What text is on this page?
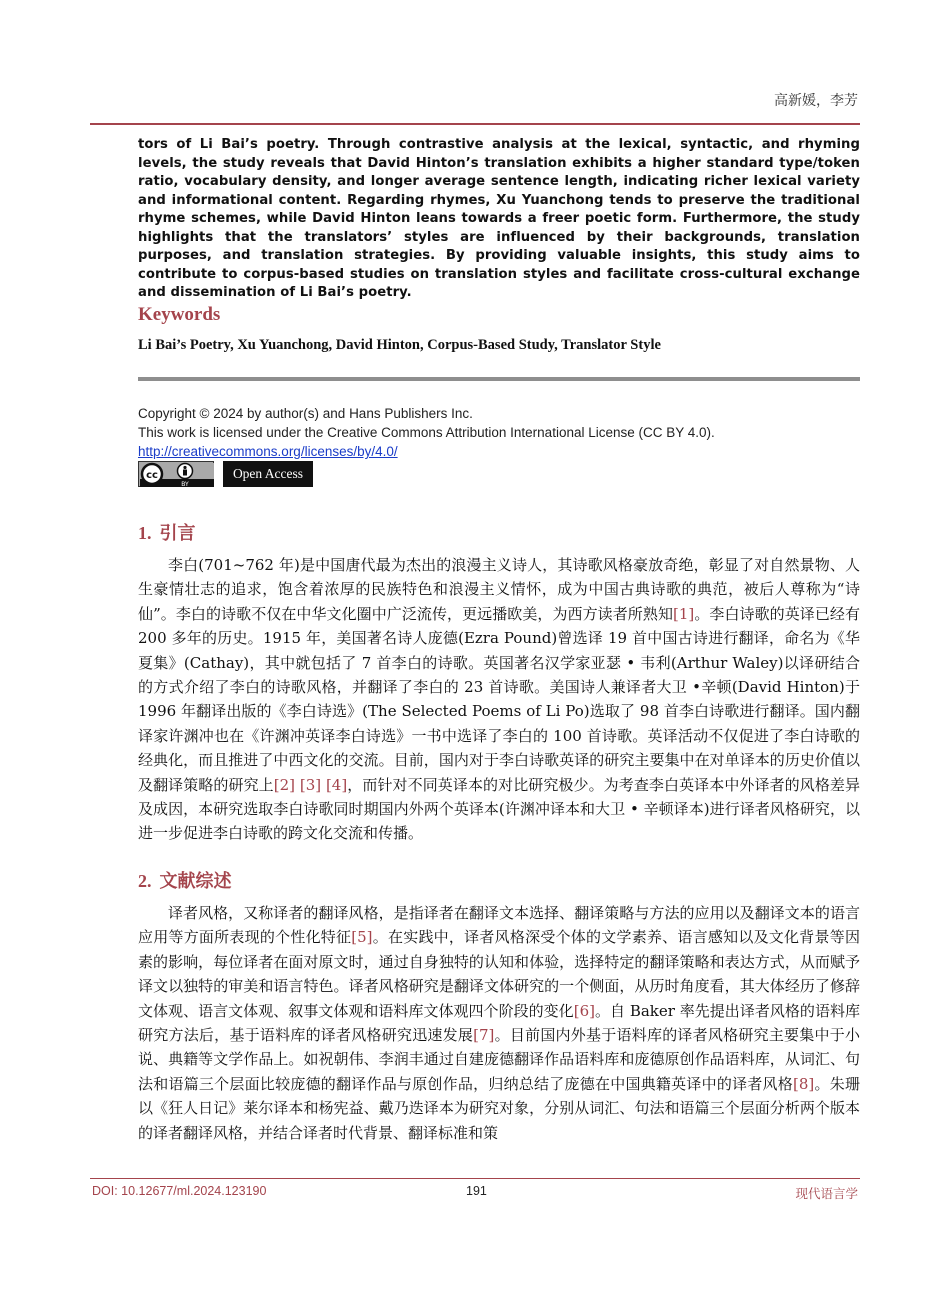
高新媛，李芳
tors of Li Bai’s poetry. Through contrastive analysis at the lexical, syntactic, and rhyming levels, the study reveals that David Hinton’s translation exhibits a higher standard type/token ratio, vocabulary density, and longer average sentence length, indicating richer lexical variety and informational content. Regarding rhymes, Xu Yuanchong tends to preserve the traditional rhyme schemes, while David Hinton leans towards a freer poetic form. Furthermore, the study highlights that the translators’ styles are influenced by their backgrounds, translation purposes, and translation strategies. By providing valuable insights, this study aims to contribute to corpus-based studies on translation styles and facilitate cross-cultural exchange and dissemination of Li Bai’s poetry.
Keywords
Li Bai’s Poetry, Xu Yuanchong, David Hinton, Corpus-Based Study, Translator Style
Copyright © 2024 by author(s) and Hans Publishers Inc.
This work is licensed under the Creative Commons Attribution International License (CC BY 4.0).
http://creativecommons.org/licenses/by/4.0/
cc
BY
Open Access
1. 引言
李白(701~762 年)是中国唐代最为杰出的浪漫主义诗人，其诗歌风格豪放奇绝，彰显了对自然景物、人生豪情壮志的追求，饱含着浓厚的民族特色和浪漫主义情怀，成为中国古典诗歌的典范，被后人尊称为“诗仙”。李白的诗歌不仅在中华文化圈中广泛流传，更远播欧美，为西方读者所熟知[1]。李白诗歌的英译已经有 200 多年的历史。1915 年，美国著名诗人庞德(Ezra Pound)曾选译 19 首中国古诗进行翻译，命名为《华夏集》(Cathay)，其中就包括了 7 首李白的诗歌。英国著名汉学家亚瑟 • 韦利(Arthur Waley)以译研结合的方式介绍了李白的诗歌风格，并翻译了李白的 23 首诗歌。美国诗人兼译者大卫 •辛顿(David Hinton)于 1996 年翻译出版的《李白诗选》(The Selected Poems of Li Po)选取了 98 首李白诗歌进行翻译。国内翻译家许渊冲也在《许渊冲英译李白诗选》一书中选译了李白的 100 首诗歌。英译活动不仅促进了李白诗歌的经典化，而且推进了中西文化的交流。目前，国内对于李白诗歌英译的研究主要集中在对单译本的历史价值以及翻译策略的研究上[2] [3] [4]，而针对不同英译本的对比研究极少。为考查李白英译本中外译者的风格差异及成因，本研究选取李白诗歌同时期国内外两个英译本(许渊冲译本和大卫 • 辛顿译本)进行译者风格研究，以进一步促进李白诗歌的跨文化交流和传播。
2. 文献综述
译者风格，又称译者的翻译风格，是指译者在翻译文本选择、翻译策略与方法的应用以及翻译文本的语言应用等方面所表现的个性化特征[5]。在实践中，译者风格深受个体的文学素养、语言感知以及文化背景等因素的影响，每位译者在面对原文时，通过自身独特的认知和体验，选择特定的翻译策略和表达方式，从而赋予译文以独特的审美和语言特色。译者风格研究是翻译文体研究的一个侧面，从历时角度看，其大体经历了修辞文体观、语言文体观、叙事文体观和语料库文体观四个阶段的变化[6]。自 Baker 率先提出译者风格的语料库研究方法后，基于语料库的译者风格研究迅速发展[7]。目前国内外基于语料库的译者风格研究主要集中于小说、典籍等文学作品上。如祝朝伟、李润丰通过自建庞德翻译作品语料库和庞德原创作品语料库，从词汇、句法和语篇三个层面比较庞德的翻译作品与原创作品，归纳总结了庞德在中国典籍英译中的译者风格[8]。朱珊以《狂人日记》莱尔译本和杨宪益、戴乃迭译本为研究对象，分别从词汇、句法和语篇三个层面分析两个版本的译者翻译风格，并结合译者时代背景、翻译标准和策
DOI: 10.12677/ml.2024.123190	191	现代语言学
